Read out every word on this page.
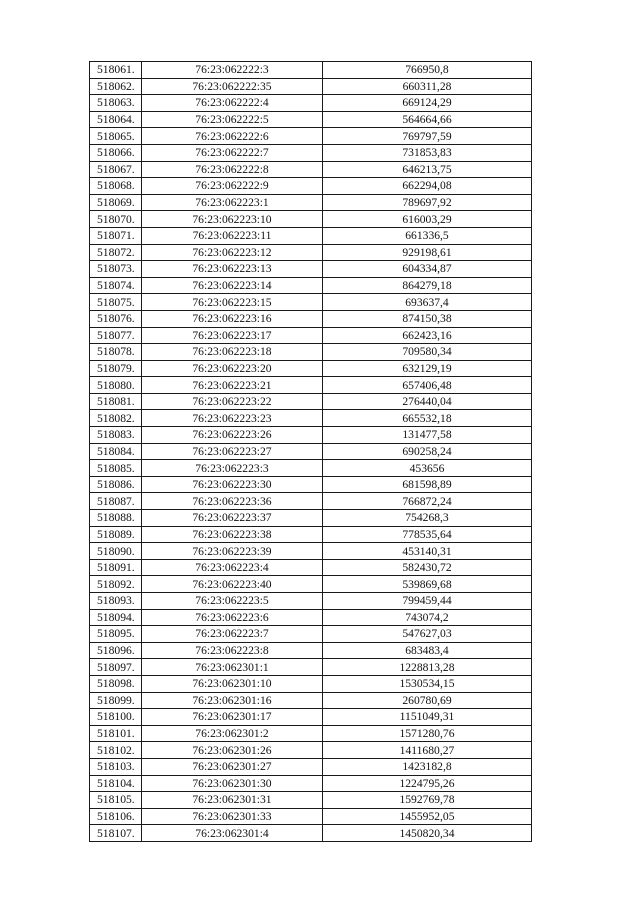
518061.	76:23:062222:3	766950,8
518062.	76:23:062222:35	660311,28
518063.	76:23:062222:4	669124,29
518064.	76:23:062222:5	564664,66
518065.	76:23:062222:6	769797,59
518066.	76:23:062222:7	731853,83
518067.	76:23:062222:8	646213,75
518068.	76:23:062222:9	662294,08
518069.	76:23:062223:1	789697,92
518070.	76:23:062223:10	616003,29
518071.	76:23:062223:11	661336,5
518072.	76:23:062223:12	929198,61
518073.	76:23:062223:13	604334,87
518074.	76:23:062223:14	864279,18
518075.	76:23:062223:15	693637,4
518076.	76:23:062223:16	874150,38
518077.	76:23:062223:17	662423,16
518078.	76:23:062223:18	709580,34
518079.	76:23:062223:20	632129,19
518080.	76:23:062223:21	657406,48
518081.	76:23:062223:22	276440,04
518082.	76:23:062223:23	665532,18
518083.	76:23:062223:26	131477,58
518084.	76:23:062223:27	690258,24
518085.	76:23:062223:3	453656
518086.	76:23:062223:30	681598,89
518087.	76:23:062223:36	766872,24
518088.	76:23:062223:37	754268,3
518089.	76:23:062223:38	778535,64
518090.	76:23:062223:39	453140,31
518091.	76:23:062223:4	582430,72
518092.	76:23:062223:40	539869,68
518093.	76:23:062223:5	799459,44
518094.	76:23:062223:6	743074,2
518095.	76:23:062223:7	547627,03
518096.	76:23:062223:8	683483,4
518097.	76:23:062301:1	1228813,28
518098.	76:23:062301:10	1530534,15
518099.	76:23:062301:16	260780,69
518100.	76:23:062301:17	1151049,31
518101.	76:23:062301:2	1571280,76
518102.	76:23:062301:26	1411680,27
518103.	76:23:062301:27	1423182,8
518104.	76:23:062301:30	1224795,26
518105.	76:23:062301:31	1592769,78
518106.	76:23:062301:33	1455952,05
518107.	76:23:062301:4	1450820,34
